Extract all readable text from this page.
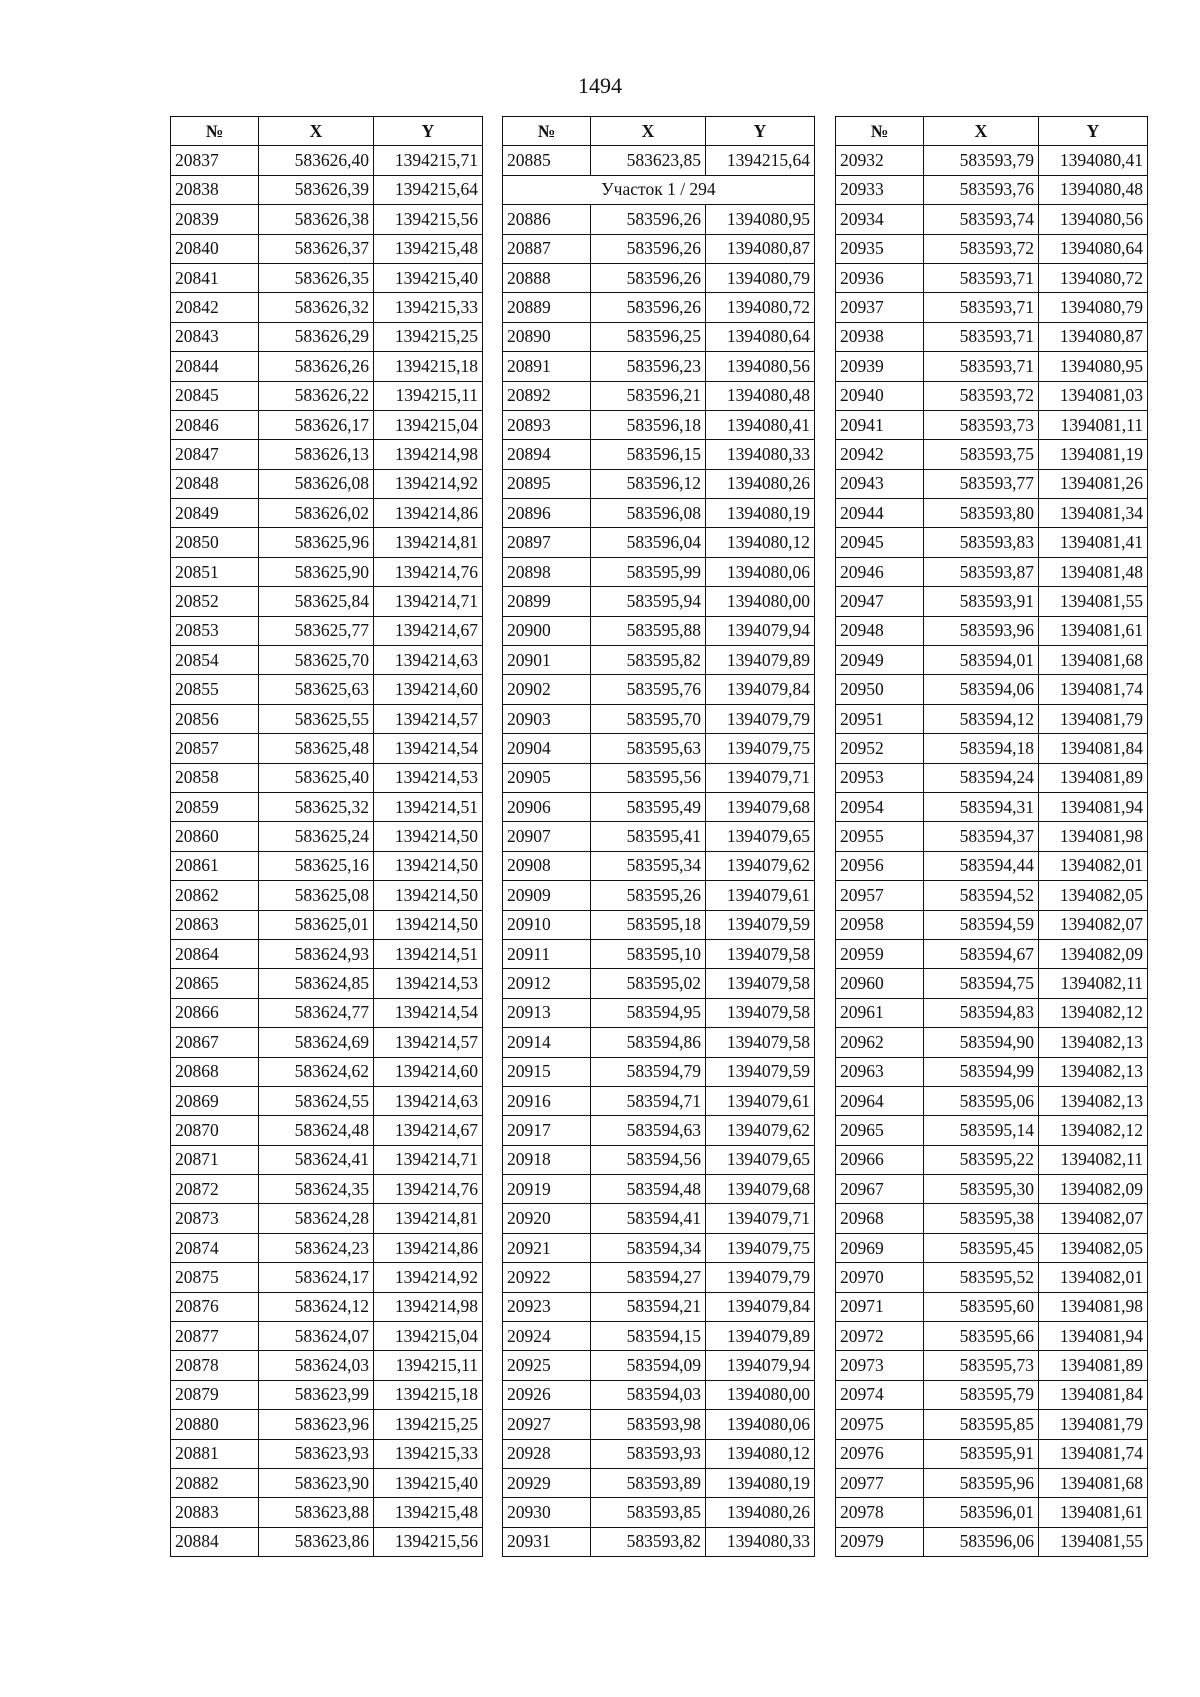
1494
№	X	Y
20837	583626,40	1394215,71
20838	583626,39	1394215,64
20839	583626,38	1394215,56
20840	583626,37	1394215,48
20841	583626,35	1394215,40
20842	583626,32	1394215,33
20843	583626,29	1394215,25
20844	583626,26	1394215,18
20845	583626,22	1394215,11
20846	583626,17	1394215,04
20847	583626,13	1394214,98
20848	583626,08	1394214,92
20849	583626,02	1394214,86
20850	583625,96	1394214,81
20851	583625,90	1394214,76
20852	583625,84	1394214,71
20853	583625,77	1394214,67
20854	583625,70	1394214,63
20855	583625,63	1394214,60
20856	583625,55	1394214,57
20857	583625,48	1394214,54
20858	583625,40	1394214,53
20859	583625,32	1394214,51
20860	583625,24	1394214,50
20861	583625,16	1394214,50
20862	583625,08	1394214,50
20863	583625,01	1394214,50
20864	583624,93	1394214,51
20865	583624,85	1394214,53
20866	583624,77	1394214,54
20867	583624,69	1394214,57
20868	583624,62	1394214,60
20869	583624,55	1394214,63
20870	583624,48	1394214,67
20871	583624,41	1394214,71
20872	583624,35	1394214,76
20873	583624,28	1394214,81
20874	583624,23	1394214,86
20875	583624,17	1394214,92
20876	583624,12	1394214,98
20877	583624,07	1394215,04
20878	583624,03	1394215,11
20879	583623,99	1394215,18
20880	583623,96	1394215,25
20881	583623,93	1394215,33
20882	583623,90	1394215,40
20883	583623,88	1394215,48
20884	583623,86	1394215,56
№	X	Y
20885	583623,85	1394215,64
Участок 1 / 294		
20886	583596,26	1394080,95
20887	583596,26	1394080,87
20888	583596,26	1394080,79
20889	583596,26	1394080,72
20890	583596,25	1394080,64
20891	583596,23	1394080,56
20892	583596,21	1394080,48
20893	583596,18	1394080,41
20894	583596,15	1394080,33
20895	583596,12	1394080,26
20896	583596,08	1394080,19
20897	583596,04	1394080,12
20898	583595,99	1394080,06
20899	583595,94	1394080,00
20900	583595,88	1394079,94
20901	583595,82	1394079,89
20902	583595,76	1394079,84
20903	583595,70	1394079,79
20904	583595,63	1394079,75
20905	583595,56	1394079,71
20906	583595,49	1394079,68
20907	583595,41	1394079,65
20908	583595,34	1394079,62
20909	583595,26	1394079,61
20910	583595,18	1394079,59
20911	583595,10	1394079,58
20912	583595,02	1394079,58
20913	583594,95	1394079,58
20914	583594,86	1394079,58
20915	583594,79	1394079,59
20916	583594,71	1394079,61
20917	583594,63	1394079,62
20918	583594,56	1394079,65
20919	583594,48	1394079,68
20920	583594,41	1394079,71
20921	583594,34	1394079,75
20922	583594,27	1394079,79
20923	583594,21	1394079,84
20924	583594,15	1394079,89
20925	583594,09	1394079,94
20926	583594,03	1394080,00
20927	583593,98	1394080,06
20928	583593,93	1394080,12
20929	583593,89	1394080,19
20930	583593,85	1394080,26
20931	583593,82	1394080,33
№	X	Y
20932	583593,79	1394080,41
20933	583593,76	1394080,48
20934	583593,74	1394080,56
20935	583593,72	1394080,64
20936	583593,71	1394080,72
20937	583593,71	1394080,79
20938	583593,71	1394080,87
20939	583593,71	1394080,95
20940	583593,72	1394081,03
20941	583593,73	1394081,11
20942	583593,75	1394081,19
20943	583593,77	1394081,26
20944	583593,80	1394081,34
20945	583593,83	1394081,41
20946	583593,87	1394081,48
20947	583593,91	1394081,55
20948	583593,96	1394081,61
20949	583594,01	1394081,68
20950	583594,06	1394081,74
20951	583594,12	1394081,79
20952	583594,18	1394081,84
20953	583594,24	1394081,89
20954	583594,31	1394081,94
20955	583594,37	1394081,98
20956	583594,44	1394082,01
20957	583594,52	1394082,05
20958	583594,59	1394082,07
20959	583594,67	1394082,09
20960	583594,75	1394082,11
20961	583594,83	1394082,12
20962	583594,90	1394082,13
20963	583594,99	1394082,13
20964	583595,06	1394082,13
20965	583595,14	1394082,12
20966	583595,22	1394082,11
20967	583595,30	1394082,09
20968	583595,38	1394082,07
20969	583595,45	1394082,05
20970	583595,52	1394082,01
20971	583595,60	1394081,98
20972	583595,66	1394081,94
20973	583595,73	1394081,89
20974	583595,79	1394081,84
20975	583595,85	1394081,79
20976	583595,91	1394081,74
20977	583595,96	1394081,68
20978	583596,01	1394081,61
20979	583596,06	1394081,55
